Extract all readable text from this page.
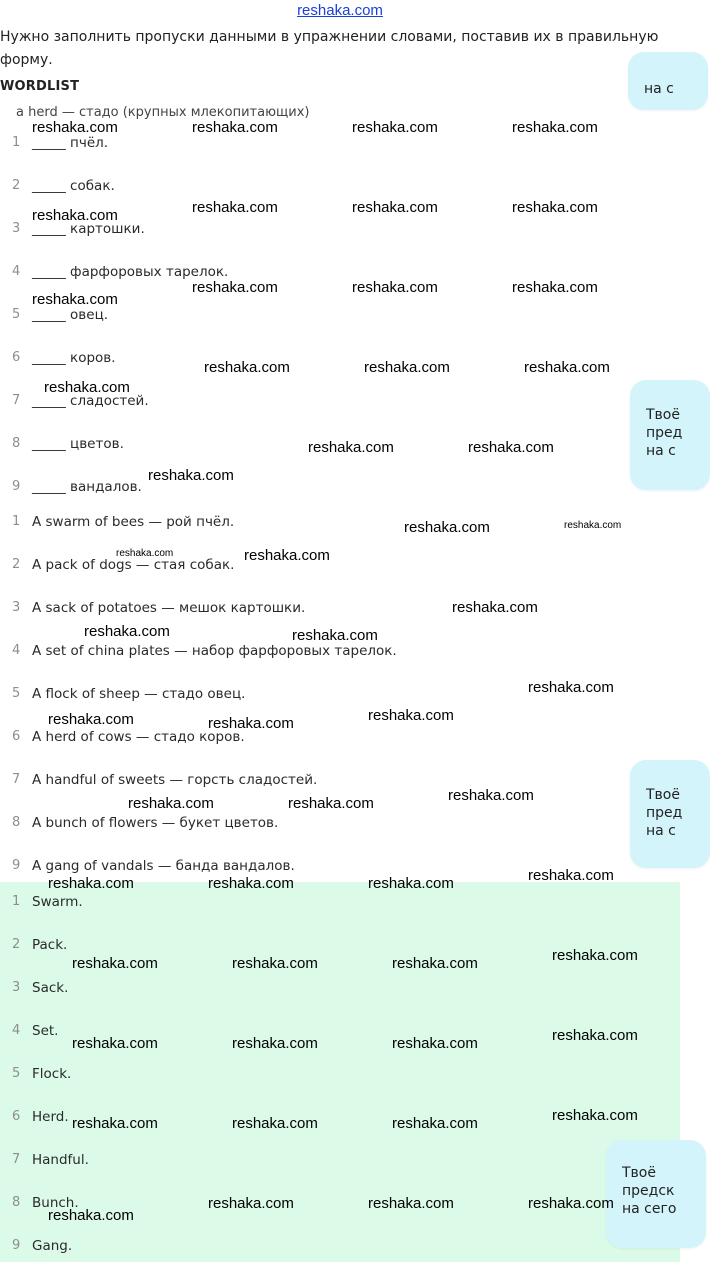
reshaka.com
Нужно заполнить пропуски данными в упражнении словами, поставив их в правильную
форму.
WORDLIST
a herd — стадо (крупных млекопитающих)
1 _____ пчёл.
2 _____ собак.
3 _____ картошки.
4 _____ фарфоровых тарелок.
5 _____ овец.
6 _____ коров.
7 _____ сладостей.
8 _____ цветов.
9 _____ вандалов.
1 A swarm of bees — рой пчёл.
2 A pack of dogs — стая собак.
3 A sack of potatoes — мешок картошки.
4 A set of china plates — набор фарфоровых тарелок.
5 A flock of sheep — стадо овец.
6 A herd of cows — стадо коров.
7 A handful of sweets — горсть сладостей.
8 A bunch of flowers — букет цветов.
9 A gang of vandals — банда вандалов.
1 Swarm.
2 Pack.
3 Sack.
4 Set.
5 Flock.
6 Herd.
7 Handful.
8 Bunch.
9 Gang.
на с
Твоё
пред
на с
Твоё
пред
на с
Твоё
предск
на сего
reshaka.com	reshaka.com	reshaka.com	reshaka.com
reshaka.com	reshaka.com	reshaka.com	reshaka.com
reshaka.com
reshaka.com	reshaka.com	reshaka.com
reshaka.com	reshaka.com	reshaka.com
reshaka.com
reshaka.com	reshaka.com
reshaka.com
reshaka.com
reshaka.com
reshaka.com
reshaka.com	reshaka.com
reshaka.com
reshaka.com	reshaka.com	reshaka.com
reshaka.com	reshaka.com	reshaka.com
reshaka.com	reshaka.com	reshaka.com	reshaka.com
reshaka.com	reshaka.com	reshaka.com	reshaka.com
reshaka.com	reshaka.com	reshaka.com	reshaka.com
reshaka.com	reshaka.com	reshaka.com	reshaka.com
reshaka.com	reshaka.com	reshaka.com
reshaka.com
reshaka.com
reshaka.com
